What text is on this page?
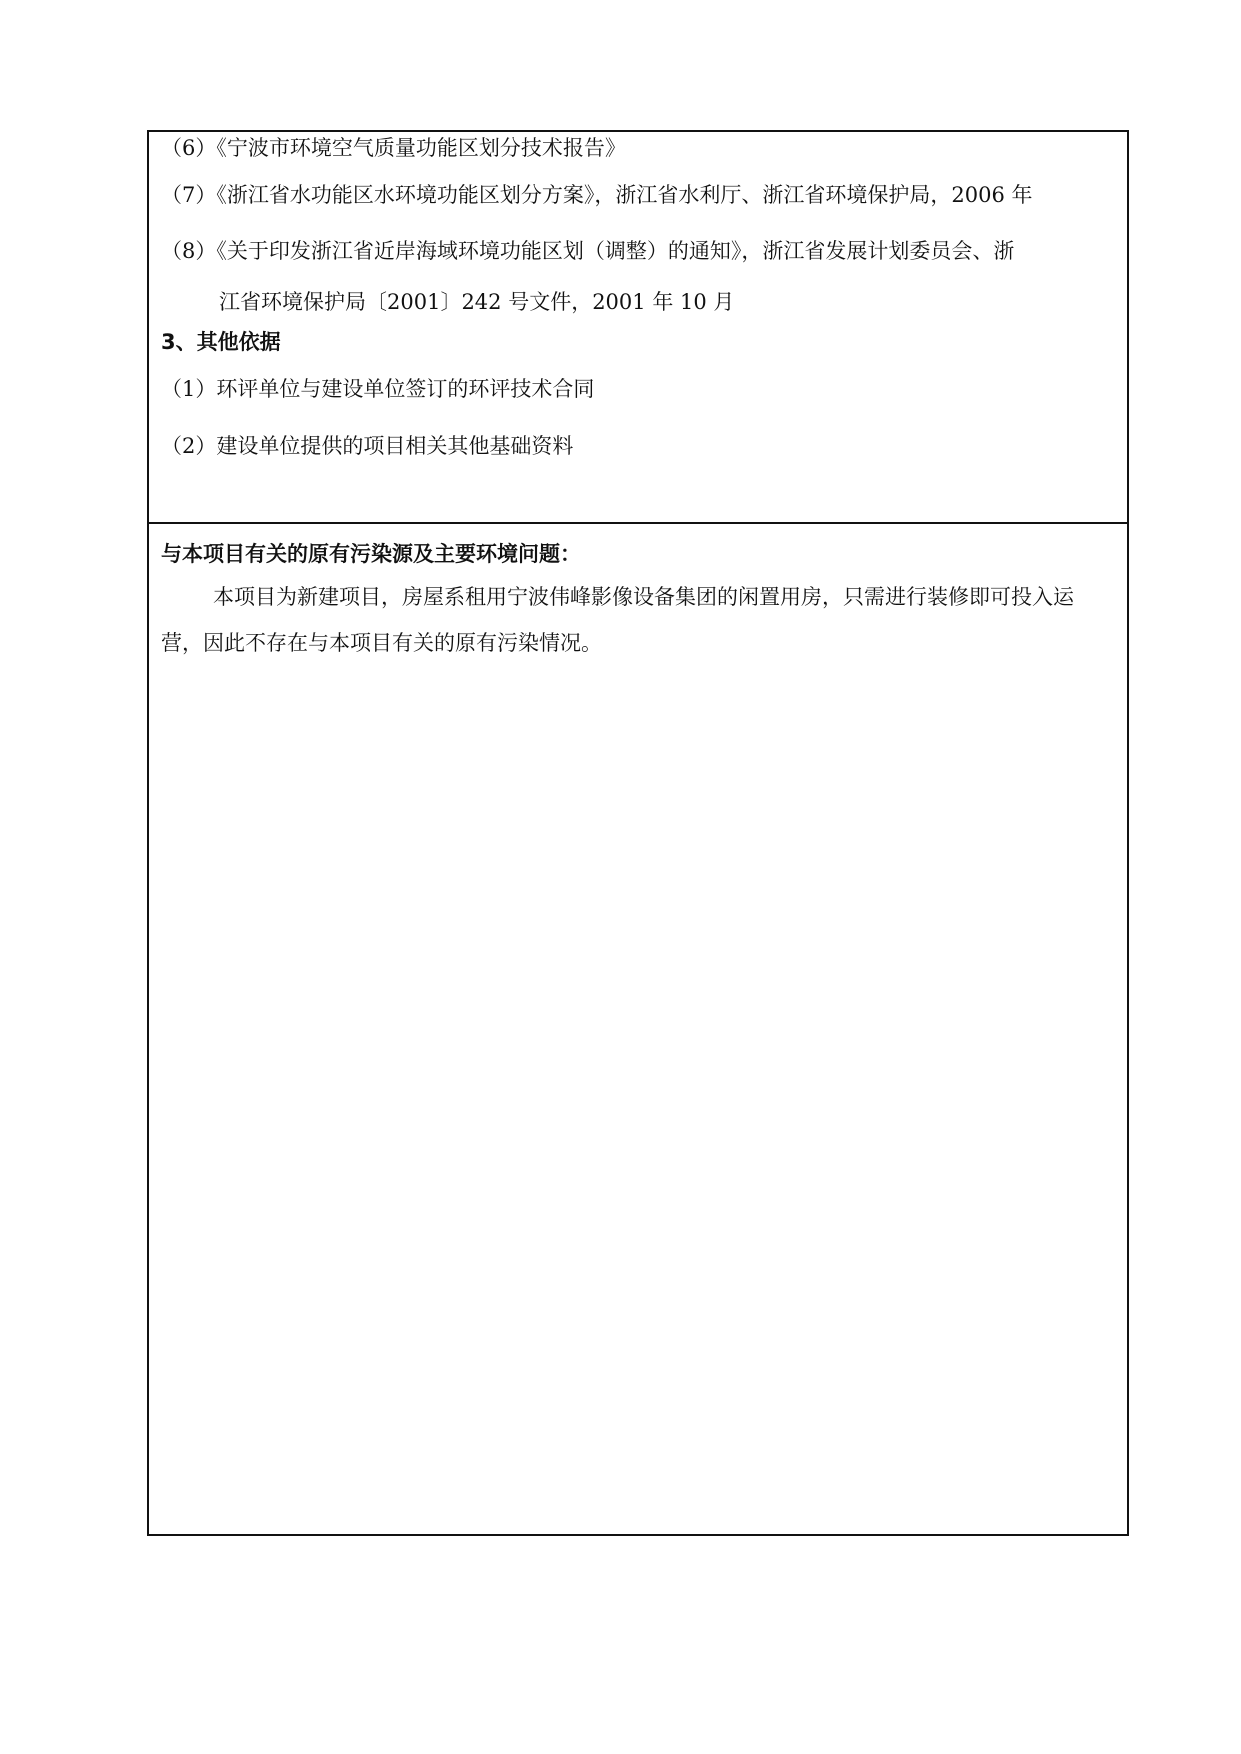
（6）《宁波市环境空气质量功能区划分技术报告》
（7）《浙江省水功能区水环境功能区划分方案》，浙江省水利厅、浙江省环境保护局，2006 年
（8）《关于印发浙江省近岸海域环境功能区划（调整）的通知》，浙江省发展计划委员会、浙
江省环境保护局〔2001〕242 号文件，2001 年 10 月
3、其他依据
（1）环评单位与建设单位签订的环评技术合同
（2）建设单位提供的项目相关其他基础资料
与本项目有关的原有污染源及主要环境问题：
本项目为新建项目，房屋系租用宁波伟峰影像设备集团的闲置用房，只需进行装修即可投入运营，因此不存在与本项目有关的原有污染情况。
